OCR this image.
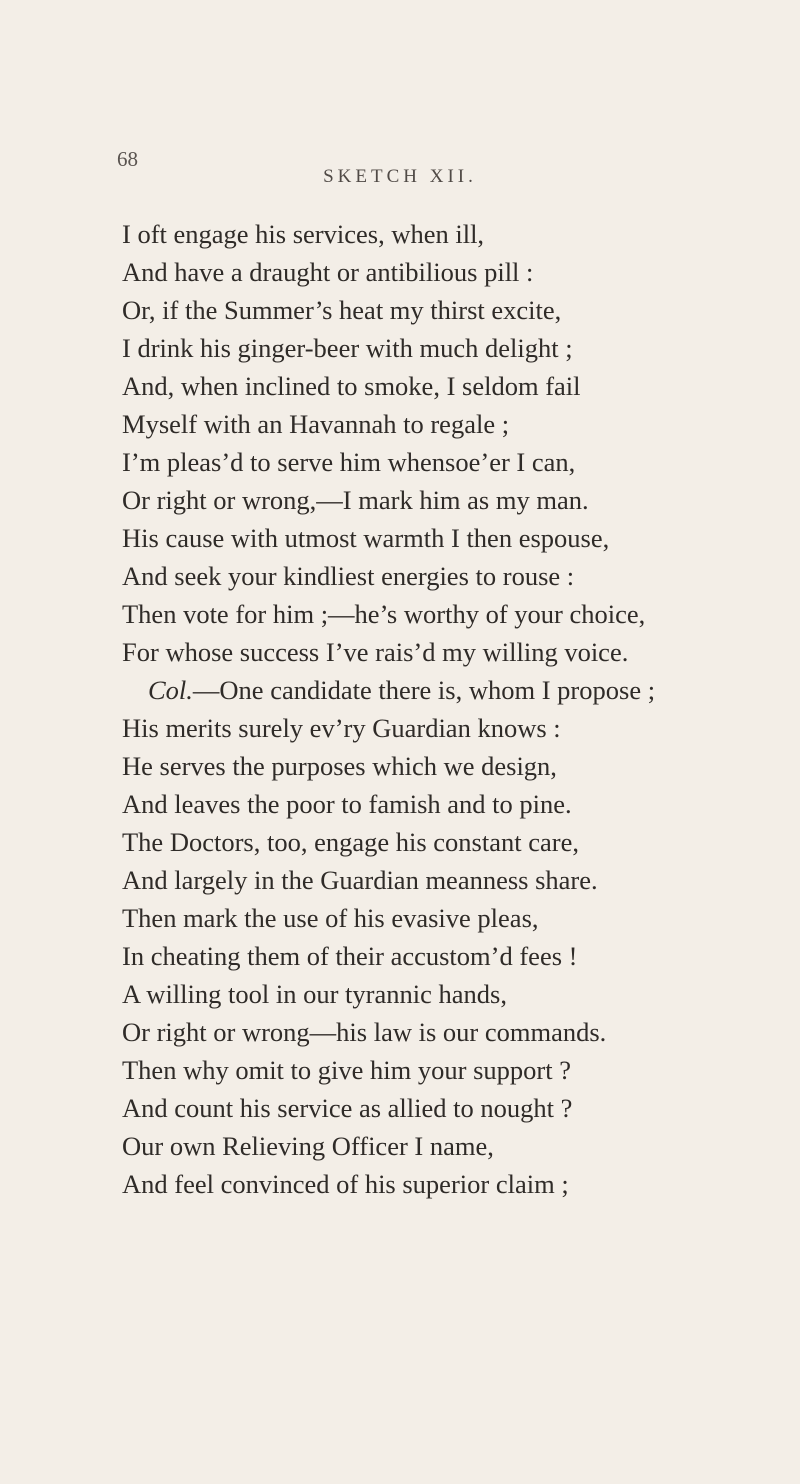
68
SKETCH XII.
I oft engage his services, when ill,
And have a draught or antibilious pill :
Or, if the Summer’s heat my thirst excite,
I drink his ginger-beer with much delight ;
And, when inclined to smoke, I seldom fail
Myself with an Havannah to regale ;
I’m pleas’d to serve him whensoe’er I can,
Or right or wrong,—I mark him as my man.
His cause with utmost warmth I then espouse,
And seek your kindliest energies to rouse :
Then vote for him ;—he’s worthy of your choice,
For whose success I’ve rais’d my willing voice.
Col.—One candidate there is, whom I propose ;
His merits surely ev’ry Guardian knows :
He serves the purposes which we design,
And leaves the poor to famish and to pine.
The Doctors, too, engage his constant care,
And largely in the Guardian meanness share.
Then mark the use of his evasive pleas,
In cheating them of their accustom’d fees !
A willing tool in our tyrannic hands,
Or right or wrong—his law is our commands.
Then why omit to give him your support ?
And count his service as allied to nought ?
Our own Relieving Officer I name,
And feel convinced of his superior claim ;
